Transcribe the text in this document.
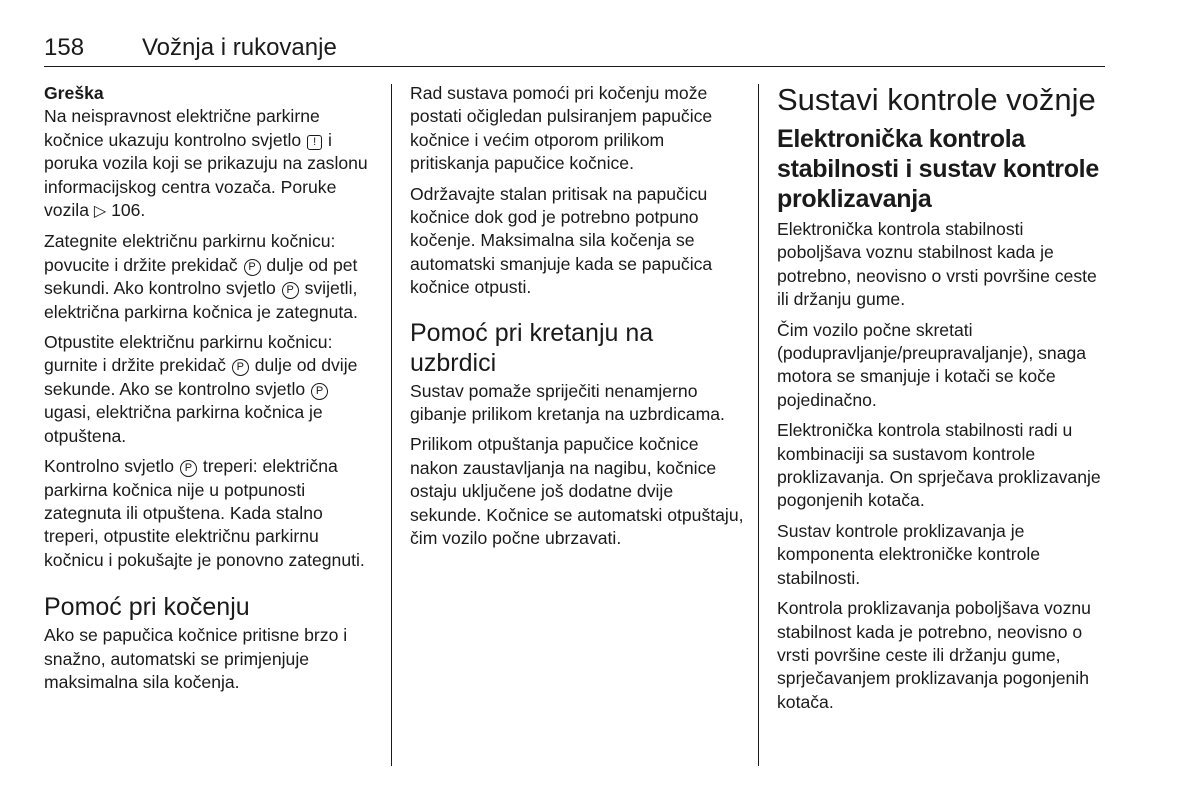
158 Vožnja i rukovanje

Greška

Na neispravnost električne parkirne kočnice ukazuju kontrolno svjetlo ! i poruka vozila koji se prikazuju na zaslonu informacijskog centra vozača. Poruke vozila ▷ 106.

Zategnite električnu parkirnu kočnicu: povucite i držite prekidač P dulje od pet sekundi. Ako kontrolno svjetlo P svijetli, električna parkirna kočnica je zategnuta.

Otpustite električnu parkirnu kočnicu: gurnite i držite prekidač P dulje od dvije sekunde. Ako se kontrolno svjetlo P ugasi, električna parkirna kočnica je otpuštena.

Kontrolno svjetlo P treperi: električna parkirna kočnica nije u potpunosti zategnuta ili otpuštena. Kada stalno treperi, otpustite električnu parkirnu kočnicu i pokušajte je ponovno zategnuti.

Pomoć pri kočenju

Ako se papučica kočnice pritisne brzo i snažno, automatski se primjenjuje maksimalna sila kočenja.

Rad sustava pomoći pri kočenju može postati očigledan pulsiranjem papučice kočnice i većim otporom prilikom pritiskanja papučice kočnice.

Održavajte stalan pritisak na papučicu kočnice dok god je potrebno potpuno kočenje. Maksimalna sila kočenja se automatski smanjuje kada se papučica kočnice otpusti.

Pomoć pri kretanju na uzbrdici

Sustav pomaže spriječiti nenamjerno gibanje prilikom kretanja na uzbrdicama.

Prilikom otpuštanja papučice kočnice nakon zaustavljanja na nagibu, kočnice ostaju uključene još dodatne dvije sekunde. Kočnice se automatski otpuštaju, čim vozilo počne ubrzavati.

Sustavi kontrole vožnje
Elektronička kontrola stabilnosti i sustav kontrole proklizavanja

Elektronička kontrola stabilnosti poboljšava voznu stabilnost kada je potrebno, neovisno o vrsti površine ceste ili držanju gume.

Čim vozilo počne skretati (podupravljanje/preupravaljanje), snaga motora se smanjuje i kotači se koče pojedinačno.

Elektronička kontrola stabilnosti radi u kombinaciji sa sustavom kontrole proklizavanja. On sprječava proklizavanje pogonjenih kotača.

Sustav kontrole proklizavanja je komponenta elektroničke kontrole stabilnosti.

Kontrola proklizavanja poboljšava voznu stabilnost kada je potrebno, neovisno o vrsti površine ceste ili držanju gume, sprječavanjem proklizavanja pogonjenih kotača.
